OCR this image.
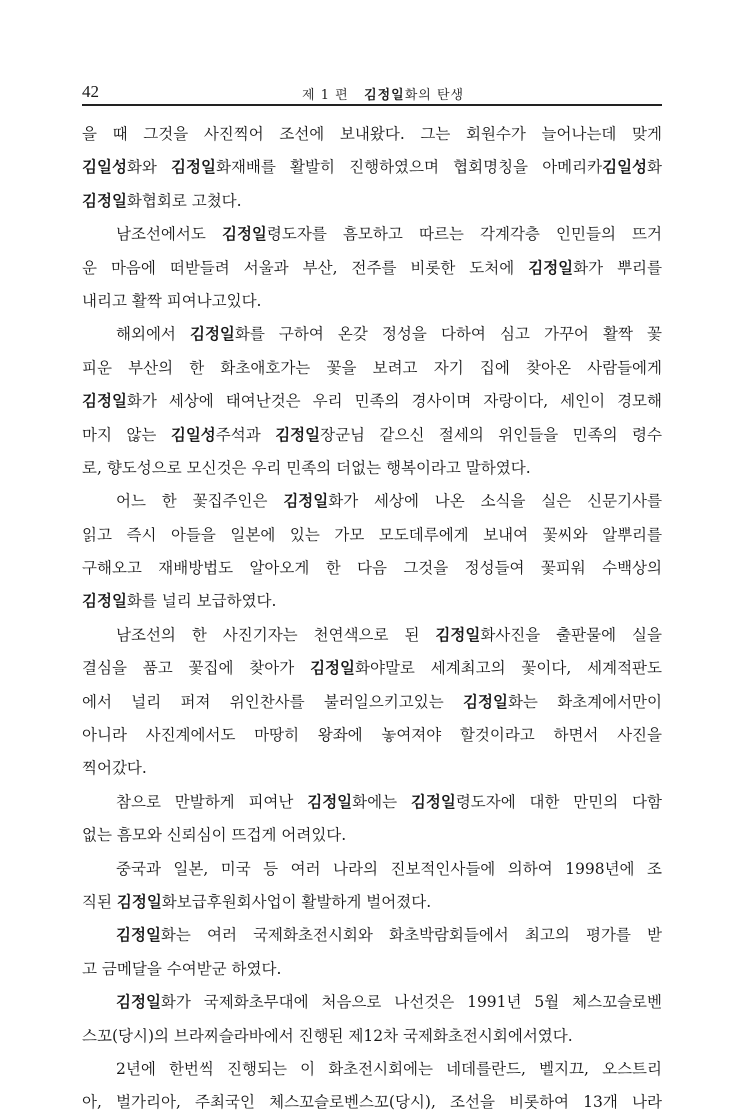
42	제 1 편 김정일화의 탄생
을 때 그것을 사진찍어 조선에 보내왔다. 그는 회원수가 늘어나는데 맞게
김일성화와 김정일화재배를 활발히 진행하였으며 협회명칭을 아메리카김일성화
김정일화협회로 고쳤다.
남조선에서도 김정일령도자를 흠모하고 따르는 각계각층 인민들의 뜨거
운 마음에 떠받들려 서울과 부산, 전주를 비롯한 도처에 김정일화가 뿌리를
내리고 활짝 피여나고있다.
해외에서 김정일화를 구하여 온갖 정성을 다하여 심고 가꾸어 활짝 꽃
피운 부산의 한 화초애호가는 꽃을 보려고 자기 집에 찾아온 사람들에게
김정일화가 세상에 태여난것은 우리 민족의 경사이며 자랑이다, 세인이 경모해
마지 않는 김일성주석과 김정일장군님 같으신 절세의 위인들을 민족의 령수
로, 향도성으로 모신것은 우리 민족의 더없는 행복이라고 말하였다.
어느 한 꽃집주인은 김정일화가 세상에 나온 소식을 실은 신문기사를
읽고 즉시 아들을 일본에 있는 가모 모도데루에게 보내여 꽃씨와 알뿌리를
구해오고 재배방법도 알아오게 한 다음 그것을 정성들여 꽃피워 수백상의
김정일화를 널리 보급하였다.
남조선의 한 사진기자는 천연색으로 된 김정일화사진을 출판물에 실을
결심을 품고 꽃집에 찾아가 김정일화야말로 세계최고의 꽃이다, 세계적판도
에서 널리 퍼져 위인찬사를 불러일으키고있는 김정일화는 화초계에서만이
아니라 사진계에서도 마땅히 왕좌에 놓여져야 할것이라고 하면서 사진을
찍어갔다.
참으로 만발하게 피여난 김정일화에는 김정일령도자에 대한 만민의 다함
없는 흠모와 신뢰심이 뜨겁게 어려있다.
중국과 일본, 미국 등 여러 나라의 진보적인사들에 의하여 1998년에 조
직된 김정일화보급후원회사업이 활발하게 벌어졌다.
김정일화는 여러 국제화초전시회와 화초박람회들에서 최고의 평가를 받
고 금메달을 수여받군 하였다.
김정일화가 국제화초무대에 처음으로 나선것은 1991년 5월 체스꼬슬로벤
스꼬(당시)의 브라찌슬라바에서 진행된 제12차 국제화초전시회에서였다.
2년에 한번씩 진행되는 이 화초전시회에는 네데를란드, 벨지끄, 오스트리
아, 벌가리아, 주최국인 체스꼬슬로벤스꼬(당시), 조선을 비롯하여 13개 나라
